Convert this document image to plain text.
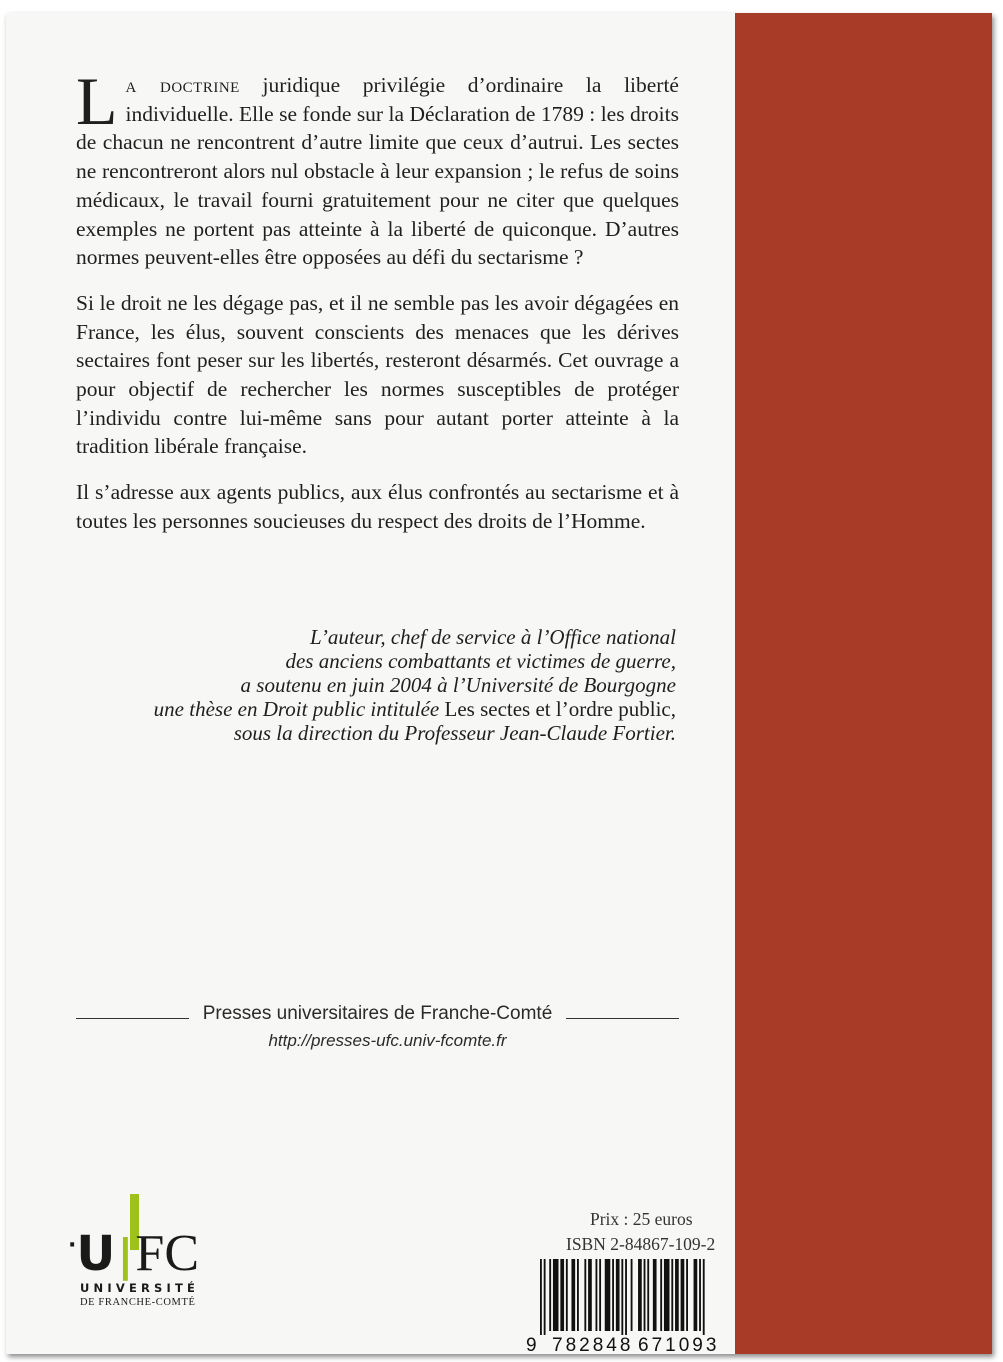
La doctrine juridique privilégie d’ordinaire la liberté individuelle. Elle se fonde sur la Déclaration de 1789 : les droits de chacun ne rencontrent d’autre limite que ceux d’autrui. Les sectes ne rencontreront alors nul obstacle à leur expansion ; le refus de soins médicaux, le travail fourni gratuitement pour ne citer que quelques exemples ne portent pas atteinte à la liberté de quiconque. D’autres normes peuvent-elles être opposées au défi du sectarisme ?

Si le droit ne les dégage pas, et il ne semble pas les avoir dégagées en France, les élus, souvent conscients des menaces que les dérives sectaires font peser sur les libertés, resteront désarmés. Cet ouvrage a pour objectif de rechercher les normes susceptibles de protéger l’individu contre lui-même sans pour autant porter atteinte à la tradition libérale française.

Il s’adresse aux agents publics, aux élus confrontés au sectarisme et à toutes les personnes soucieuses du respect des droits de l’Homme.

L’auteur, chef de service à l’Office national
des anciens combattants et victimes de guerre,
a soutenu en juin 2004 à l’Université de Bourgogne
une thèse en Droit public intitulée Les sectes et l’ordre public,
sous la direction du Professeur Jean-Claude Fortier.
Presses universitaires de Franche-Comté
http://presses-ufc.univ-fcomte.fr
·U|FC
UNIVERSITÉ
DE FRANCHE-COMTÉ
Prix : 25 euros
ISBN 2-84867-109-2
9 782848 671093
